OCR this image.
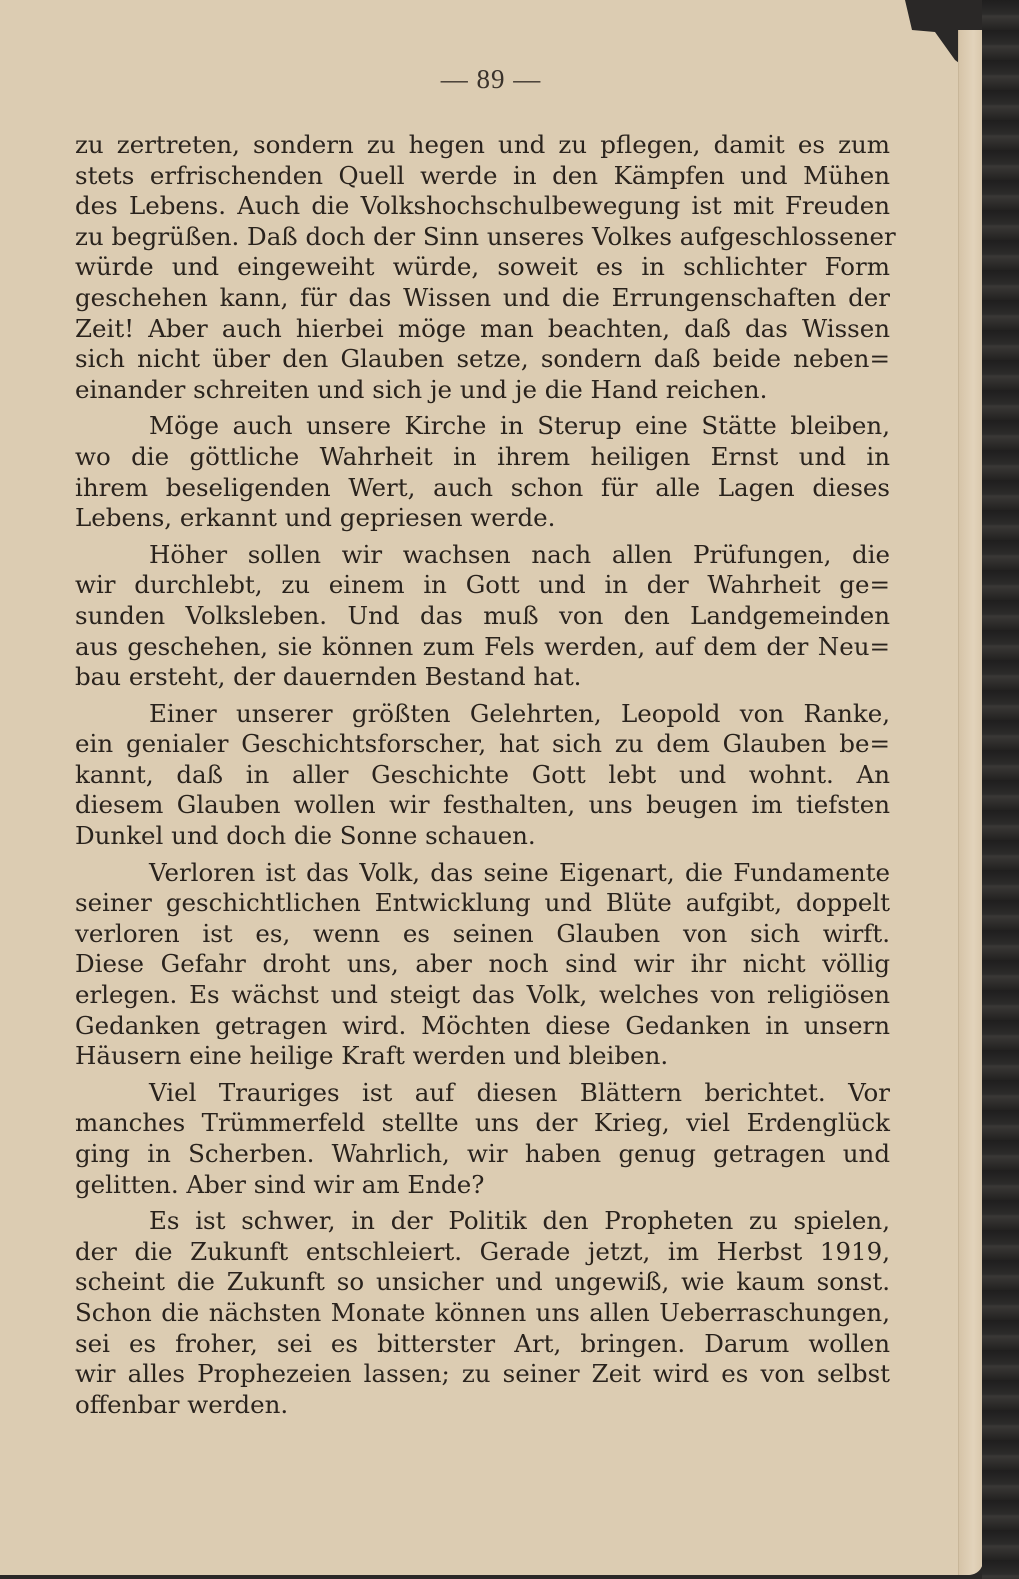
— 89 —
zu zertreten, sondern zu hegen und zu pflegen, damit es zum
stets erfrischenden Quell werde in den Kämpfen und Mühen
des Lebens. Auch die Volkshochschulbewegung ist mit Freuden
zu begrüßen. Daß doch der Sinn unseres Volkes aufgeschlossener
würde und eingeweiht würde, soweit es in schlichter Form
geschehen kann, für das Wissen und die Errungenschaften der
Zeit! Aber auch hierbei möge man beachten, daß das Wissen
sich nicht über den Glauben setze, sondern daß beide neben=
einander schreiten und sich je und je die Hand reichen.
Möge auch unsere Kirche in Sterup eine Stätte bleiben,
wo die göttliche Wahrheit in ihrem heiligen Ernst und in
ihrem beseligenden Wert, auch schon für alle Lagen dieses
Lebens, erkannt und gepriesen werde.
Höher sollen wir wachsen nach allen Prüfungen, die
wir durchlebt, zu einem in Gott und in der Wahrheit ge=
sunden Volksleben. Und das muß von den Landgemeinden
aus geschehen, sie können zum Fels werden, auf dem der Neu=
bau ersteht, der dauernden Bestand hat.
Einer unserer größten Gelehrten, Leopold von Ranke,
ein genialer Geschichtsforscher, hat sich zu dem Glauben be=
kannt, daß in aller Geschichte Gott lebt und wohnt. An
diesem Glauben wollen wir festhalten, uns beugen im tiefsten
Dunkel und doch die Sonne schauen.
Verloren ist das Volk, das seine Eigenart, die Fundamente
seiner geschichtlichen Entwicklung und Blüte aufgibt, doppelt
verloren ist es, wenn es seinen Glauben von sich wirft.
Diese Gefahr droht uns, aber noch sind wir ihr nicht völlig
erlegen. Es wächst und steigt das Volk, welches von religiösen
Gedanken getragen wird. Möchten diese Gedanken in unsern
Häusern eine heilige Kraft werden und bleiben.
Viel Trauriges ist auf diesen Blättern berichtet. Vor
manches Trümmerfeld stellte uns der Krieg, viel Erdenglück
ging in Scherben. Wahrlich, wir haben genug getragen und
gelitten. Aber sind wir am Ende?
Es ist schwer, in der Politik den Propheten zu spielen,
der die Zukunft entschleiert. Gerade jetzt, im Herbst 1919,
scheint die Zukunft so unsicher und ungewiß, wie kaum sonst.
Schon die nächsten Monate können uns allen Ueberraschungen,
sei es froher, sei es bitterster Art, bringen. Darum wollen
wir alles Prophezeien lassen; zu seiner Zeit wird es von selbst
offenbar werden.
